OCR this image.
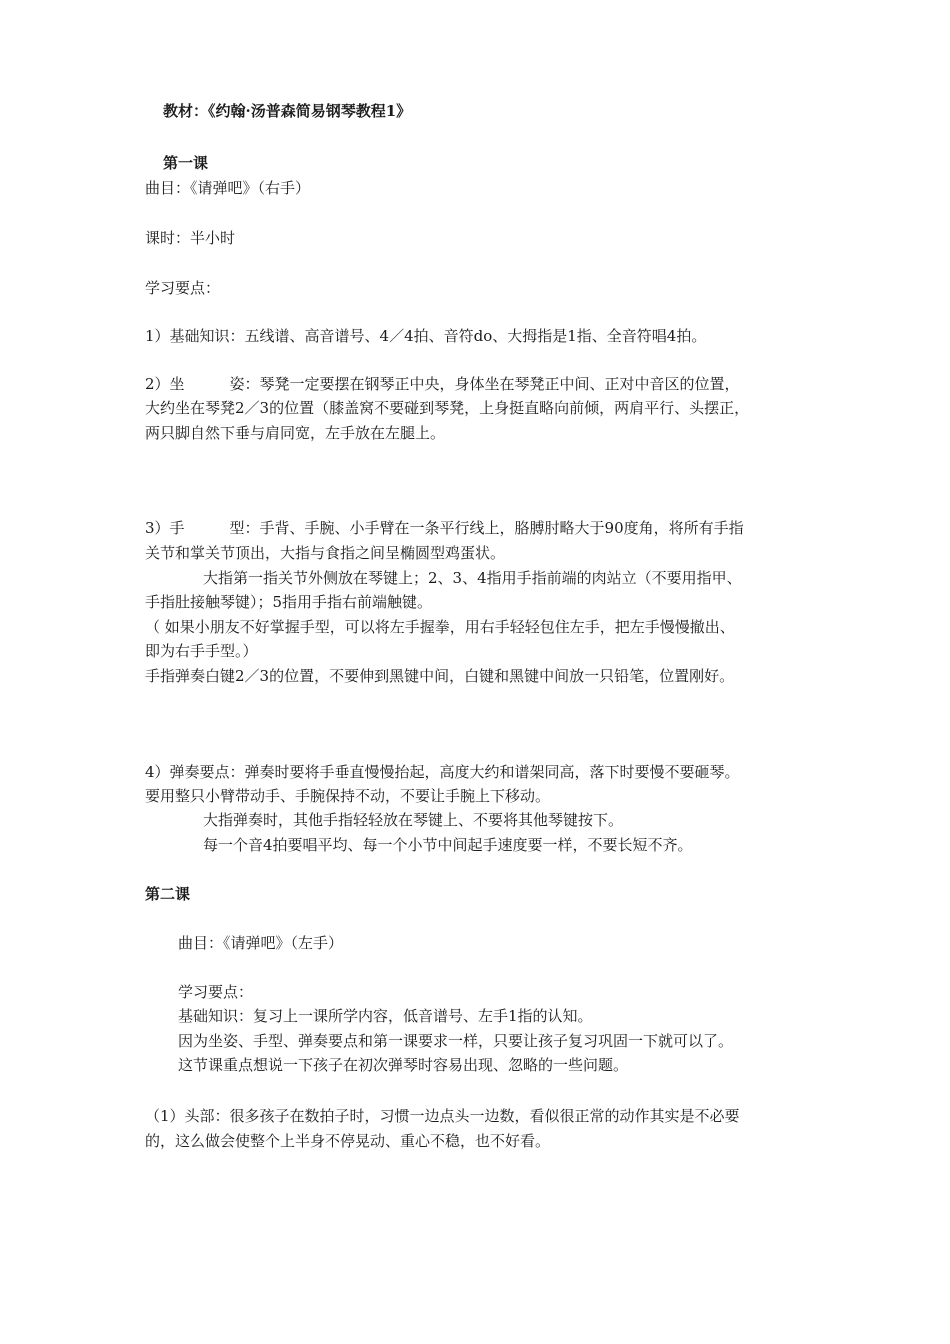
教材：《约翰·汤普森简易钢琴教程1》
第一课
曲目：《请弹吧》（右手）
课时：半小时
学习要点：
1）基础知识：五线谱、高音谱号、4／4拍、音符do、大拇指是1指、全音符唱4拍。
2）坐　　　姿：琴凳一定要摆在钢琴正中央，身体坐在琴凳正中间、正对中音区的位置，
大约坐在琴凳2／3的位置（膝盖窝不要碰到琴凳，上身挺直略向前倾，两肩平行、头摆正，
两只脚自然下垂与肩同宽，左手放在左腿上。
3）手　　　型：手背、手腕、小手臂在一条平行线上，胳膊肘略大于90度角，将所有手指
关节和掌关节顶出，大指与食指之间呈椭圆型鸡蛋状。
大指第一指关节外侧放在琴键上；2、3、4指用手指前端的肉站立（不要用指甲、
手指肚接触琴键）；5指用手指右前端触键。
（ 如果小朋友不好掌握手型，可以将左手握拳，用右手轻轻包住左手，把左手慢慢撤出、
即为右手手型。）
手指弹奏白键2／3的位置，不要伸到黑键中间，白键和黑键中间放一只铅笔，位置刚好。
4）弹奏要点：弹奏时要将手垂直慢慢抬起，高度大约和谱架同高，落下时要慢不要砸琴。
要用整只小臂带动手、手腕保持不动，不要让手腕上下移动。
大指弹奏时，其他手指轻轻放在琴键上、不要将其他琴键按下。
每一个音4拍要唱平均、每一个小节中间起手速度要一样，不要长短不齐。
第二课
曲目：《请弹吧》（左手）
学习要点：
基础知识：复习上一课所学内容，低音谱号、左手1指的认知。
因为坐姿、手型、弹奏要点和第一课要求一样，只要让孩子复习巩固一下就可以了。
这节课重点想说一下孩子在初次弹琴时容易出现、忽略的一些问题。
（1）头部：很多孩子在数拍子时，习惯一边点头一边数，看似很正常的动作其实是不必要
的，这么做会使整个上半身不停晃动、重心不稳，也不好看。
